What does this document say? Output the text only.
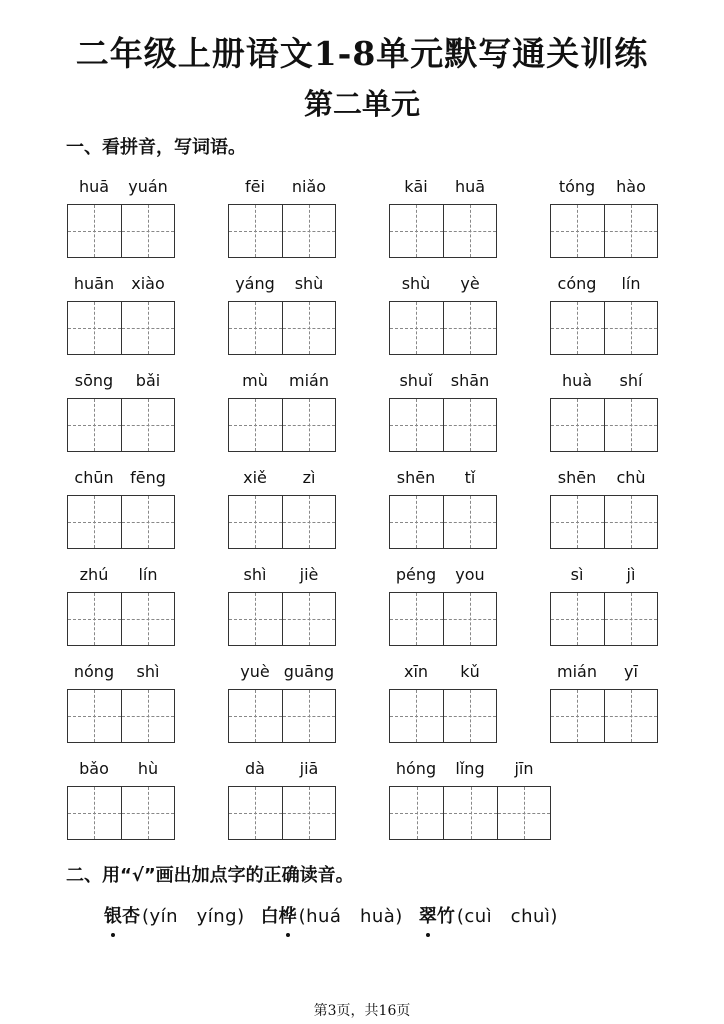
二年级上册语文1-8单元默写通关训练
第二单元

一、看拼音，写词语。

huā	yuán	fēi	niǎo	kāi	huā	tóng	hào
huān	xiào	yáng	shù	shù	yè	cóng	lín
sōng	bǎi	mù	mián	shuǐ	shān	huà	shí
chūn	fēng	xiě	zì	shēn	tǐ	shēn	chù
zhú	lín	shì	jiè	péng	you	sì	jì
nóng	shì	yuè guāng	xīn	kǔ	mián	yī
bǎo	hù	dà	jiā	hóng	lǐng	jīn

二、用“√”画出加点字的正确读音。

银 杏 (yín　yíng) 白 桦 (huá　huà) 翠 竹 (cuì　chuì)
第3页，共16页
